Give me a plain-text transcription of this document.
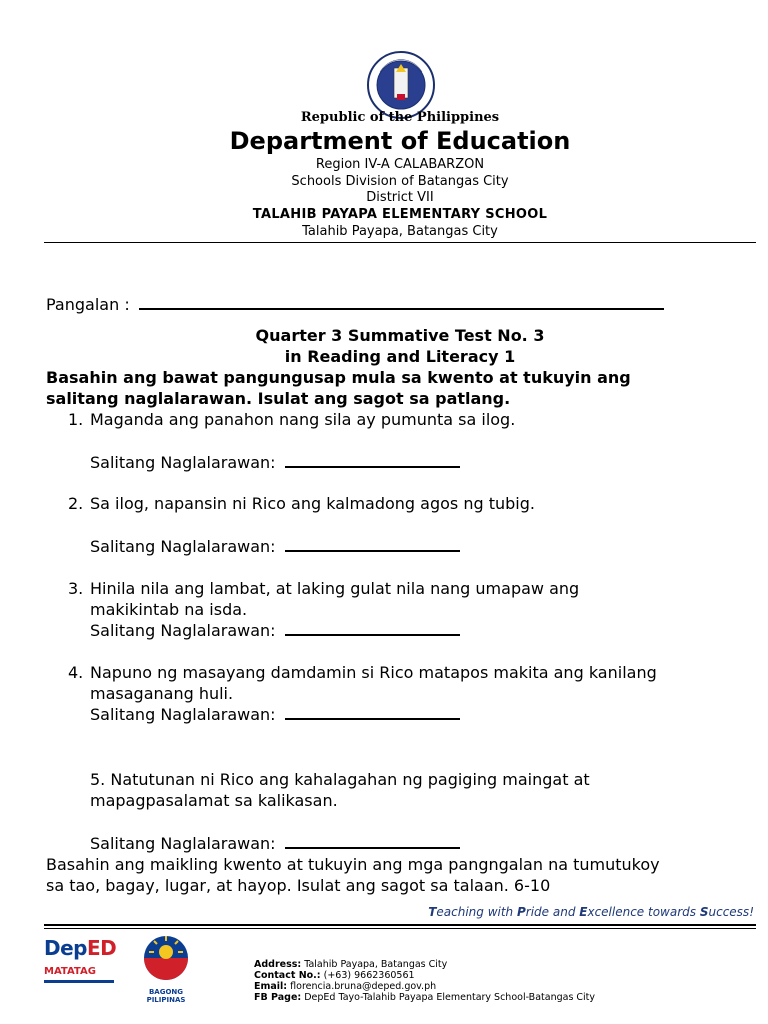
Republic of the Philippines
Department of Education
Region IV-A CALABARZON
Schools Division of Batangas City
District VII
TALAHIB PAYAPA ELEMENTARY SCHOOL
Talahib Payapa, Batangas City
Pangalan :
Quarter 3 Summative Test No. 3
in Reading and Literacy 1
Basahin ang bawat pangungusap mula sa kwento at tukuyin ang
salitang naglalarawan. Isulat ang sagot sa patlang.
1. Maganda ang panahon nang sila ay pumunta sa ilog.
Salitang Naglalarawan:
2. Sa ilog, napansin ni Rico ang kalmadong agos ng tubig.
Salitang Naglalarawan:
3. Hinila nila ang lambat, at laking gulat nila nang umapaw ang
makikintab na isda.
Salitang Naglalarawan:
4. Napuno ng masayang damdamin si Rico matapos makita ang kanilang
masaganang huli.
Salitang Naglalarawan:
5. Natutunan ni Rico ang kahalagahan ng pagiging maingat at
mapagpasalamat sa kalikasan.
Salitang Naglalarawan:
Basahin ang maikling kwento at tukuyin ang mga pangngalan na tumutukoy
sa tao, bagay, lugar, at hayop. Isulat ang sagot sa talaan. 6-10
Teaching with Pride and Excellence towards Success!
DepED
MATATAG
BAGONG PILIPINAS
Address: Talahib Payapa, Batangas City
Contact No.: (+63) 9662360561
Email: florencia.bruna@deped.gov.ph
FB Page: DepEd Tayo-Talahib Payapa Elementary School-Batangas City
